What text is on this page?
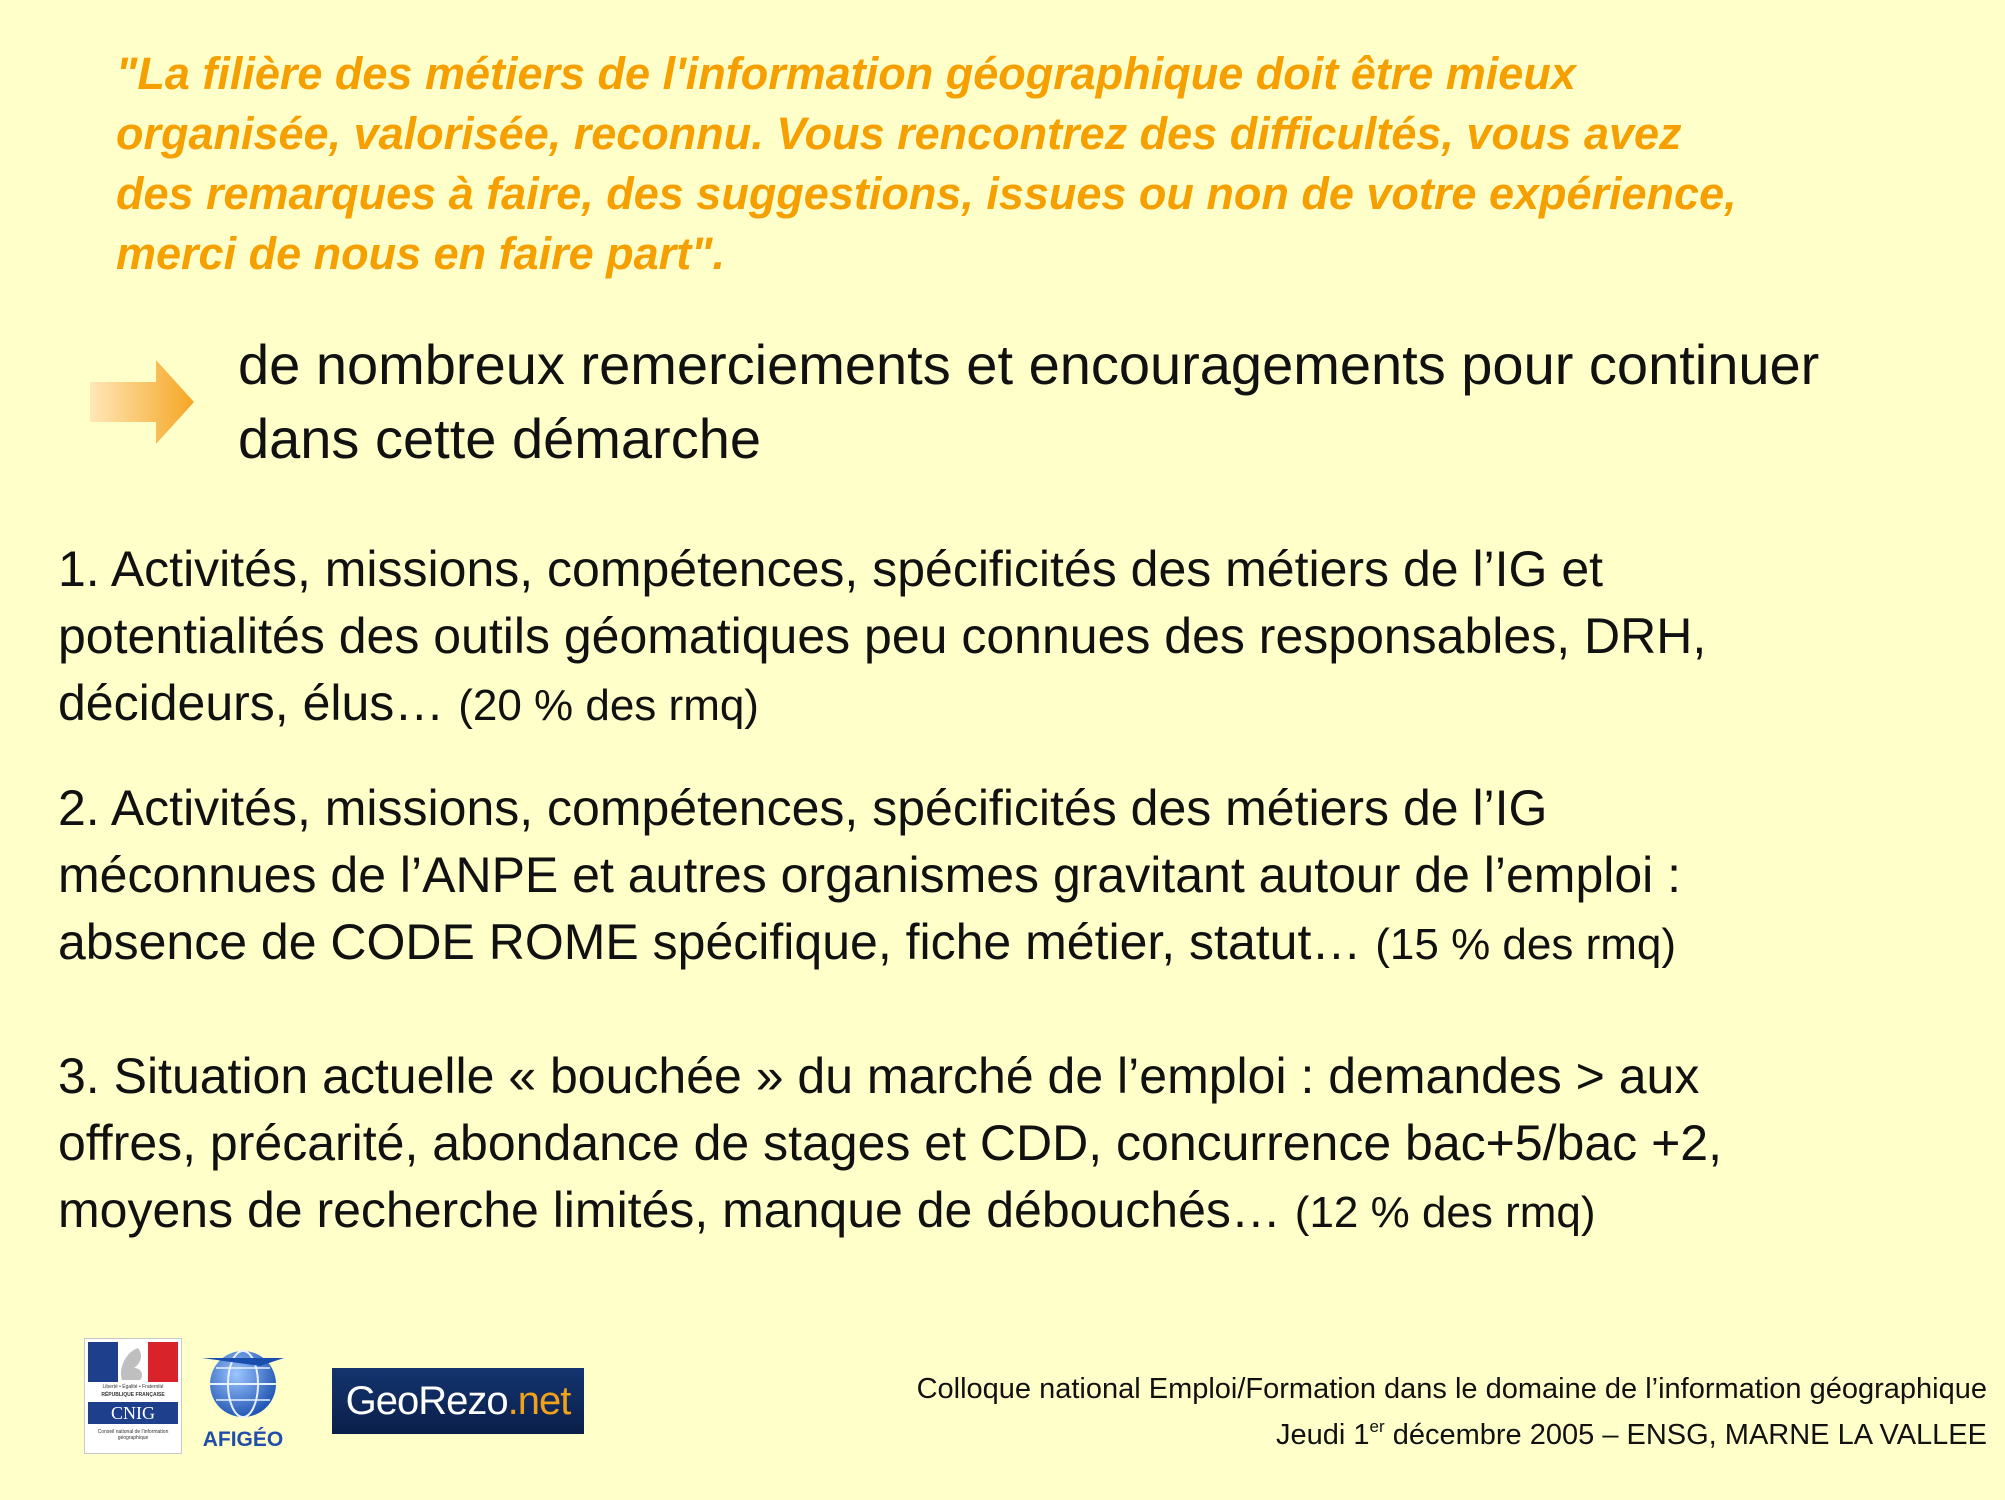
"La filière des métiers de l'information géographique doit être mieux

organisée, valorisée, reconnu. Vous rencontrez des difficultés, vous avez

des remarques à faire, des suggestions, issues ou non de votre expérience,

merci de nous en faire part".

de nombreux remerciements et encouragements pour continuer

dans cette démarche

1. Activités, missions, compétences, spécificités des métiers de l’IG et

potentialités des outils géomatiques peu connues des responsables, DRH,

décideurs, élus… (20 % des rmq)

2. Activités, missions, compétences, spécificités des métiers de l’IG

méconnues de l’ANPE et autres organismes gravitant autour de l’emploi :

absence de CODE ROME spécifique, fiche métier, statut… (15 % des rmq)

3. Situation actuelle « bouchée » du marché de l’emploi : demandes > aux

offres, précarité, abondance de stages et CDD, concurrence bac+5/bac +2,

moyens de recherche limités, manque de débouchés… (12 % des rmq)

Liberté • Égalité • Fraternité
RÉPUBLIQUE FRANÇAISE
CNIG
Conseil national de l'information géographique	AFIGÉO
GeoRezo.net	Colloque national Emploi/Formation dans le domaine de l’information géographique

Jeudi 1er décembre 2005 – ENSG, MARNE LA VALLEE
